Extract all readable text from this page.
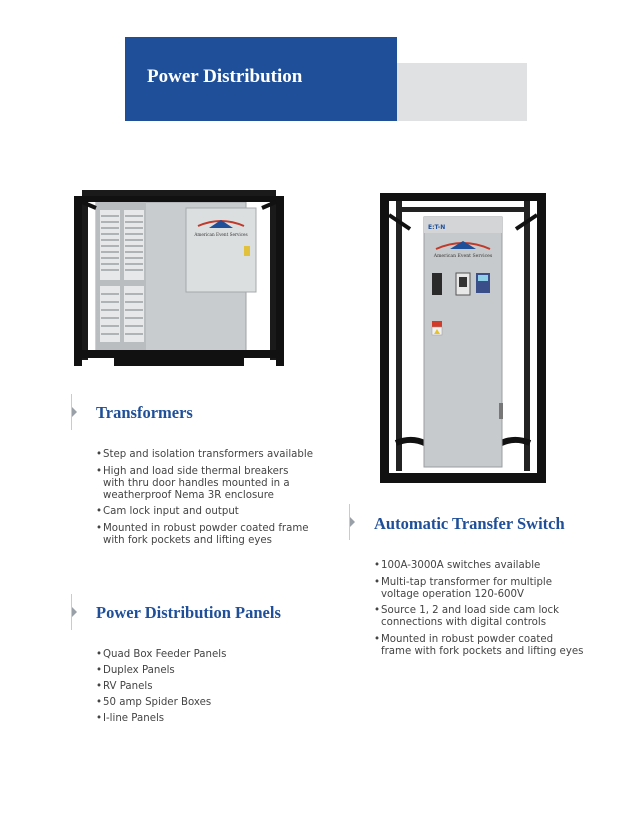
Power Distribution
American Event Services
E:T-N
American Event Services
Transformers
• Step and isolation transformers available
• High and load side thermal breakers
with thru door handles mounted in a
weatherproof Nema 3R enclosure
• Cam lock input and output
• Mounted in robust powder coated frame
with fork pockets and lifting eyes
Automatic Transfer Switch
• 100A-3000A switches available
• Multi-tap transformer for multiple
voltage operation 120-600V
• Source 1, 2 and load side cam lock
connections with digital controls
• Mounted in robust powder coated
frame with fork pockets and lifting eyes
Power Distribution Panels
• Quad Box Feeder Panels
• Duplex Panels
• RV Panels
• 50 amp Spider Boxes
• I-line Panels
